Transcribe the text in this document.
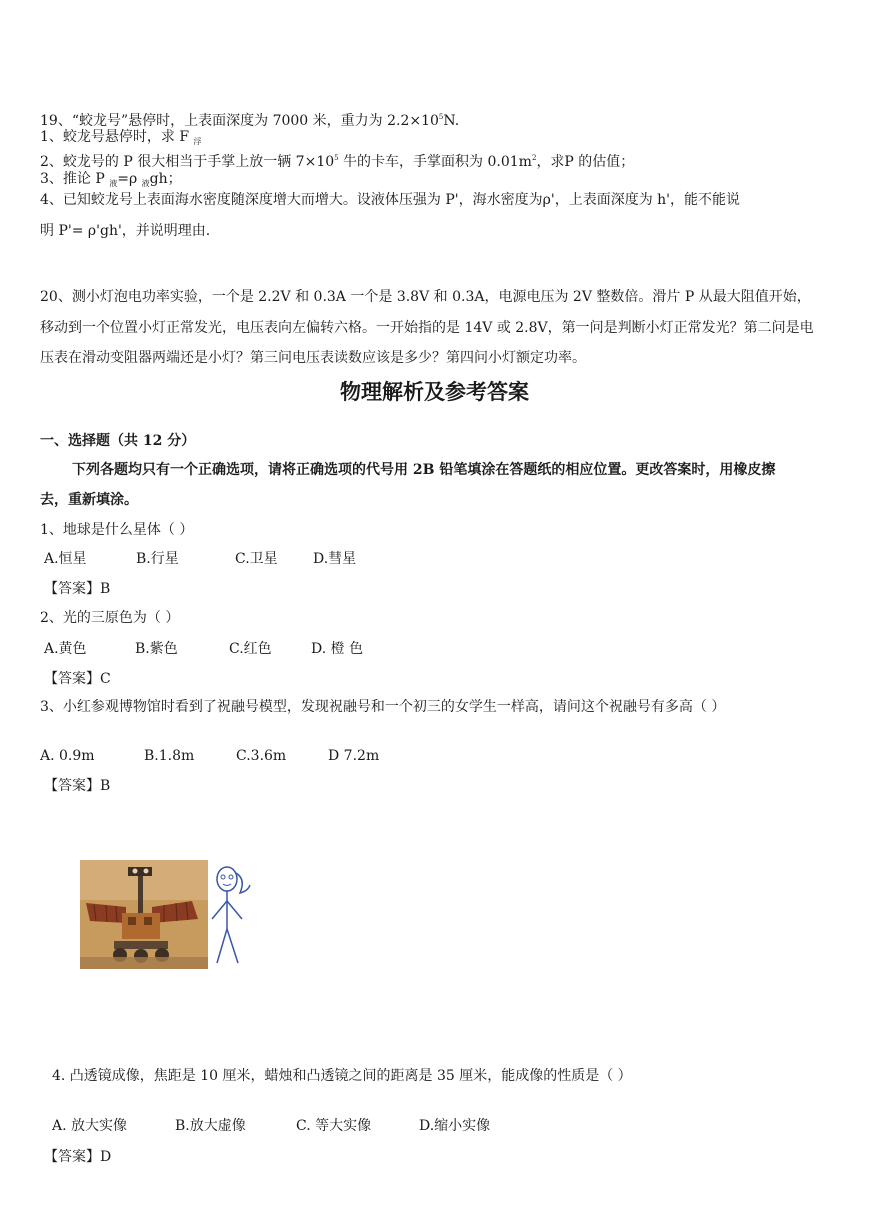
19、“蛟龙号”悬停时，上表面深度为 7000 米，重力为 $2.2\times 10^5N$.
1、蛟龙号悬停时，求 F $_浮$
2、蛟龙号的 P 很大相当于手掌上放一辆 $7\times 10^5$ 牛的卡车，手掌面积为 $0.01m^2$，求P 的估值；
3、推论 P $_液$=ρ $_液$gh；
4、已知蛟龙号上表面海水密度随深度增大而增大。设液体压强为 P'，海水密度为ρ'，上表面深度为 h'，能不能说
明 P'= ρ'gh'，并说明理由.
20、测小灯泡电功率实验，一个是 2.2V 和 0.3A 一个是 3.8V 和 0.3A，电源电压为 2V 整数倍。滑片 P 从最大阻值开始，
移动到一个位置小灯正常发光，电压表向左偏转六格。一开始指的是 14V 或 2.8V，第一问是判断小灯正常发光？第二问是电
压表在滑动变阻器两端还是小灯？第三问电压表读数应该是多少？第四问小灯额定功率。
物理解析及参考答案
一、选择题（共 12 分）
下列各题均只有一个正确选项，请将正确选项的代号用 2B 铅笔填涂在答题纸的相应位置。更改答案时，用橡皮擦
去，重新填涂。
1、地球是什么星体（ ）
A.恒星	B.行星	C.卫星	D.彗星
【答案】B
2、光的三原色为（ ）
A.黄色	B.紫色	C.红色	D. 橙 色
【答案】C
3、小红参观博物馆时看到了祝融号模型，发现祝融号和一个初三的女学生一样高，请问这个祝融号有多高（ ）
A. 0.9m	B.1.8m	C.3.6m	D 7.2m
【答案】B
4. 凸透镜成像，焦距是 10 厘米，蜡烛和凸透镜之间的距离是 35 厘米，能成像的性质是（ ）
A. 放大实像	B.放大虚像	C. 等大实像	D.缩小实像
【答案】D
